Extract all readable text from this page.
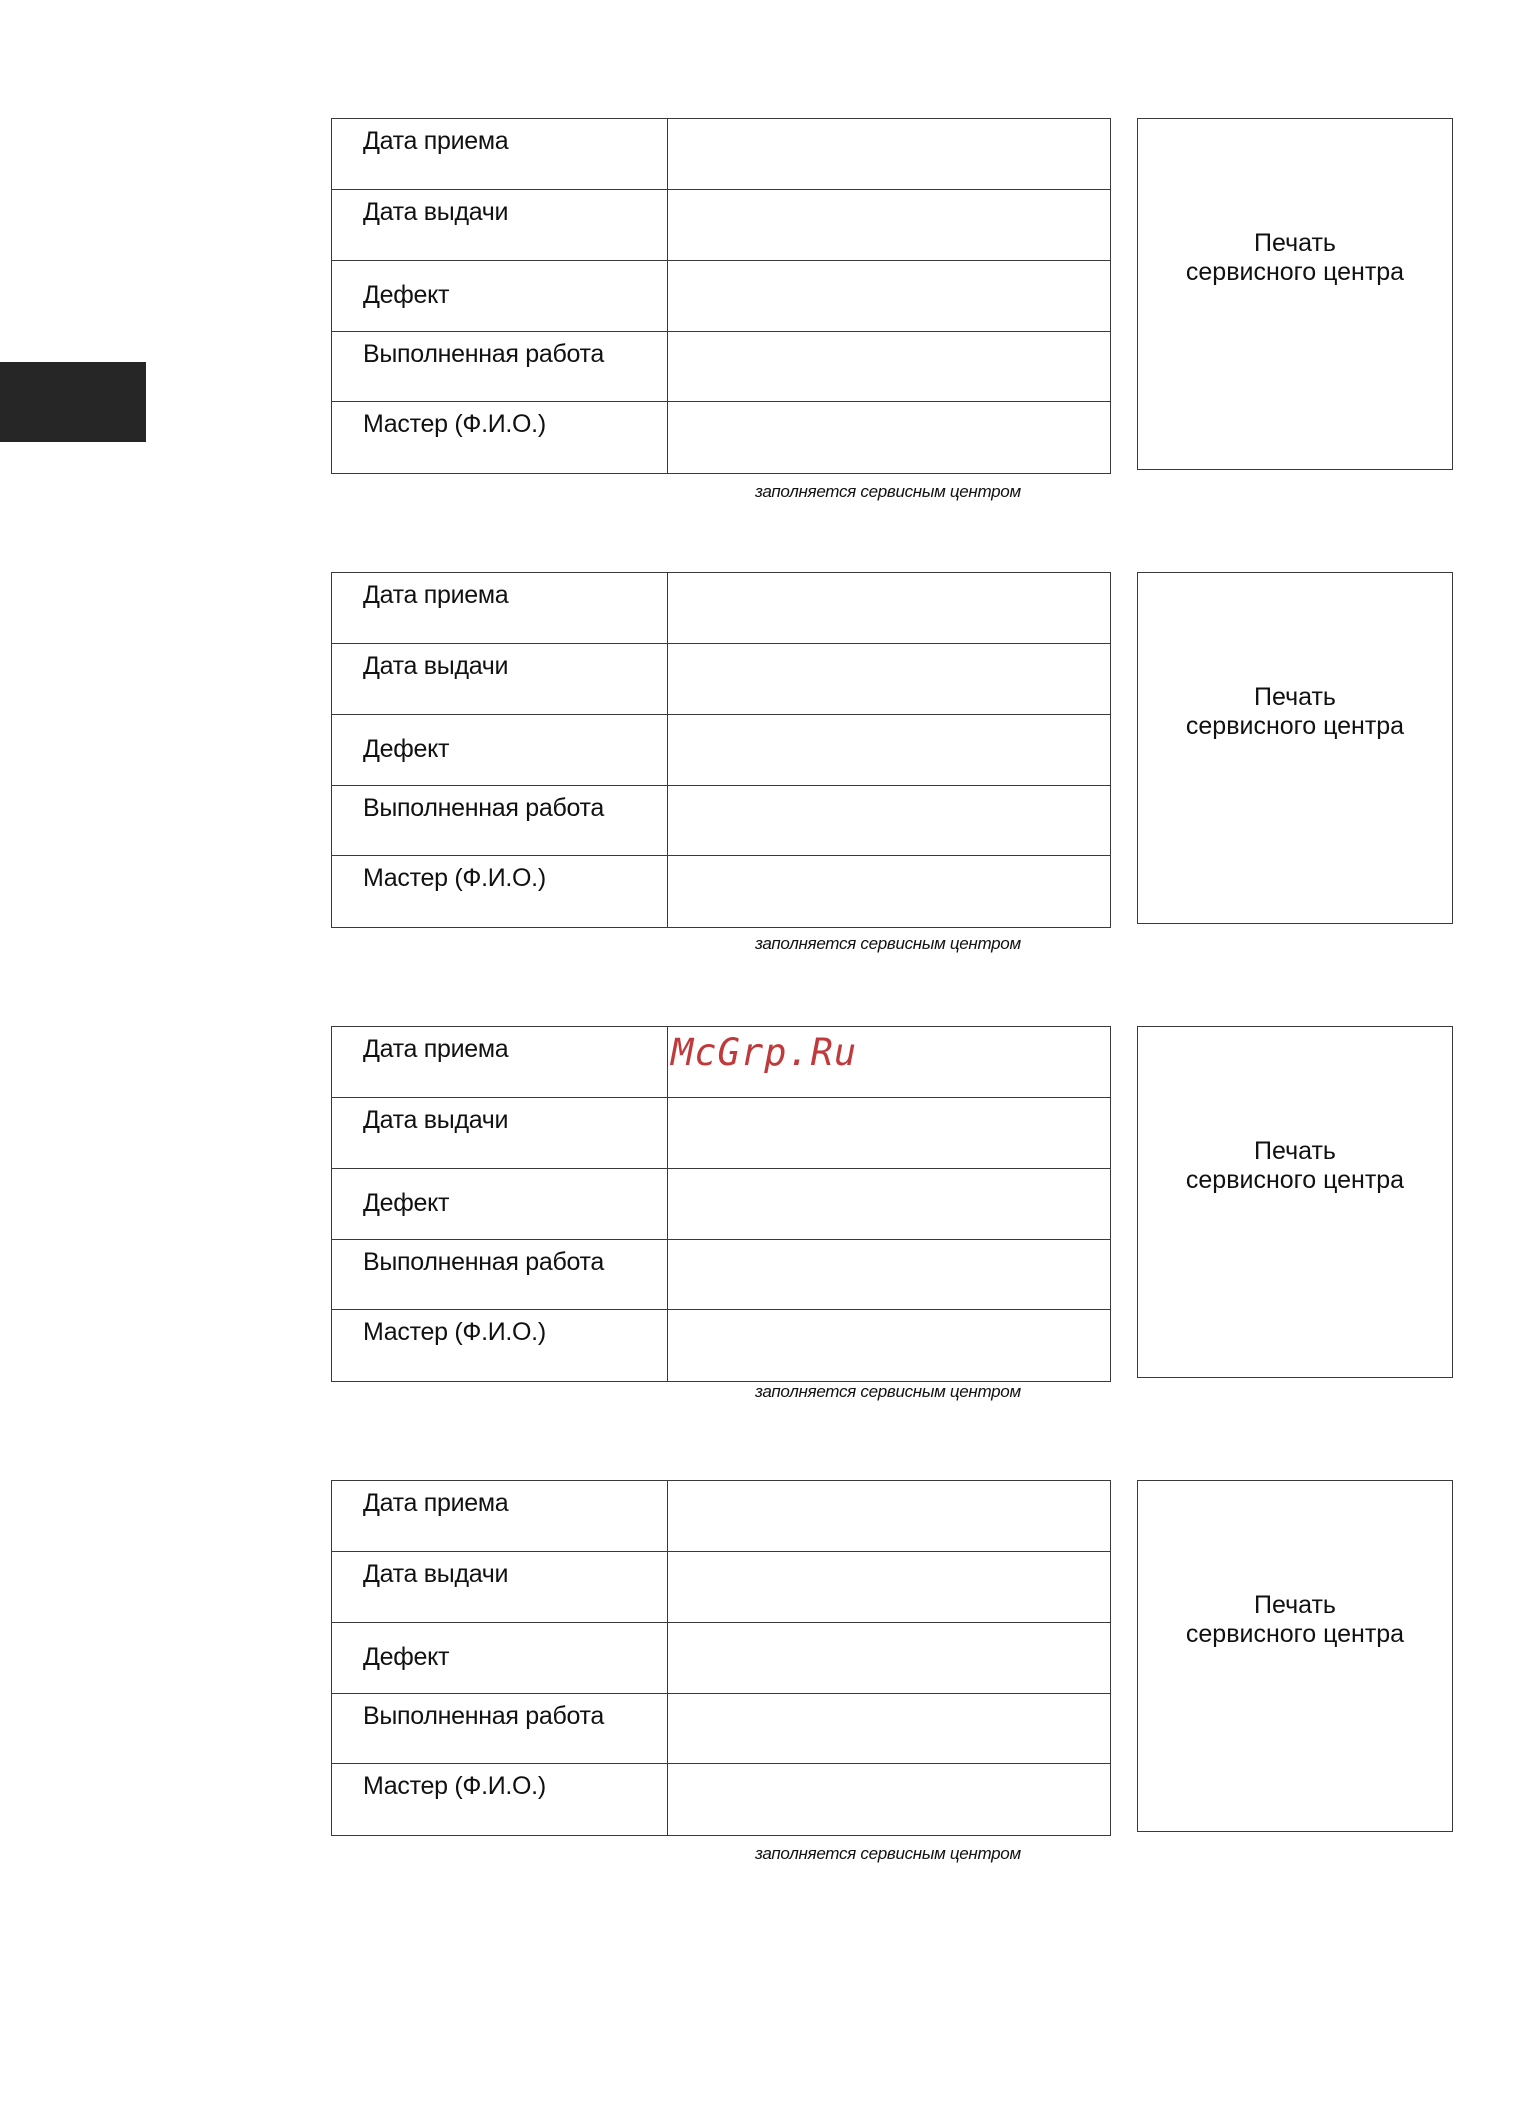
Дата приема	

Дата выдачи	

Дефект	

Выполненная работа	

Мастер (Ф.И.О.)	

Печать
сервисного центра
заполняется сервисным центром
Дата приема	

Дата выдачи	

Дефект	

Выполненная работа	

Мастер (Ф.И.О.)	

Печать
сервисного центра
заполняется сервисным центром
Дата приема	McGrp.Ru

Дата выдачи	

Дефект	

Выполненная работа	

Мастер (Ф.И.О.)	

Печать
сервисного центра
заполняется сервисным центром
Дата приема	

Дата выдачи	

Дефект	

Выполненная работа	

Мастер (Ф.И.О.)	

Печать
сервисного центра
заполняется сервисным центром
